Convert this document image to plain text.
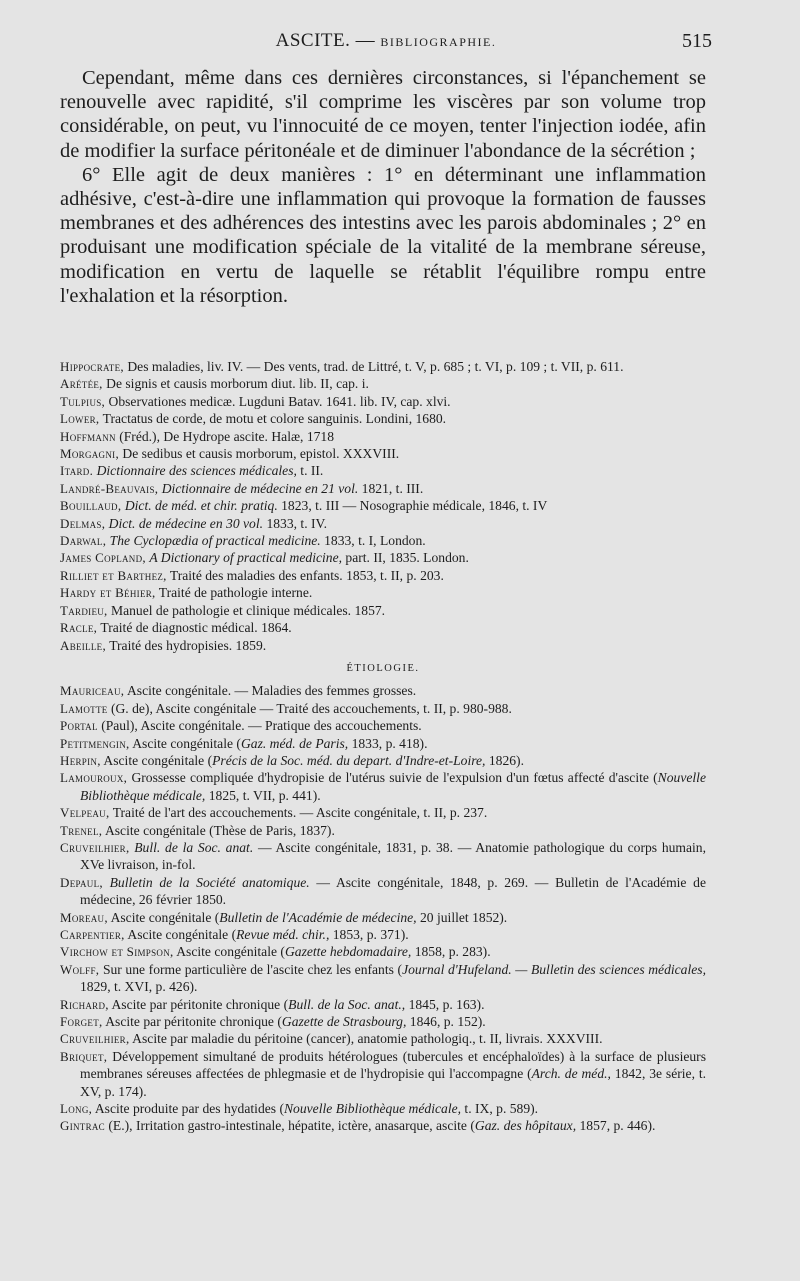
ASCITE. — BIBLIOGRAPHIE.	515

Cependant, même dans ces dernières circonstances, si l'épanchement se renouvelle avec rapidité, s'il comprime les viscères par son volume trop considérable, on peut, vu l'innocuité de ce moyen, tenter l'injection iodée, afin de modifier la surface péritonéale et de diminuer l'abondance de la sécrétion ;

6° Elle agit de deux manières : 1° en déterminant une inflammation adhésive, c'est-à-dire une inflammation qui provoque la formation de fausses membranes et des adhérences des intestins avec les parois abdominales ; 2° en produisant une modification spéciale de la vitalité de la membrane séreuse, modification en vertu de laquelle se rétablit l'équilibre rompu entre l'exhalation et la résorption.

Hippocrate, Des maladies, liv. IV. — Des vents, trad. de Littré, t. V, p. 685 ; t. VI, p. 109 ; t. VII, p. 611.

Arétée, De signis et causis morborum diut. lib. II, cap. i.

Tulpius, Observationes medicæ. Lugduni Batav. 1641. lib. IV, cap. xlvi.

Lower, Tractatus de corde, de motu et colore sanguinis. Londini, 1680.

Hoffmann (Fréd.), De Hydrope ascite. Halæ, 1718

Morgagni, De sedibus et causis morborum, epistol. XXXVIII.

Itard. Dictionnaire des sciences médicales, t. II.

Landré-Beauvais, Dictionnaire de médecine en 21 vol. 1821, t. III.

Bouillaud, Dict. de méd. et chir. pratiq. 1823, t. III — Nosographie médicale, 1846, t. IV

Delmas, Dict. de médecine en 30 vol. 1833, t. IV.

Darwal, The Cyclopædia of practical medicine. 1833, t. I, London.

James Copland, A Dictionary of practical medicine, part. II, 1835. London.

Rilliet et Barthez, Traité des maladies des enfants. 1853, t. II, p. 203.

Hardy et Béhier, Traité de pathologie interne.

Tardieu, Manuel de pathologie et clinique médicales. 1857.

Racle, Traité de diagnostic médical. 1864.

Abeille, Traité des hydropisies. 1859.

ÉTIOLOGIE.

Mauriceau, Ascite congénitale. — Maladies des femmes grosses.

Lamotte (G. de), Ascite congénitale — Traité des accouchements, t. II, p. 980-988.

Portal (Paul), Ascite congénitale. — Pratique des accouchements.

Petitmengin, Ascite congénitale (Gaz. méd. de Paris, 1833, p. 418).

Herpin, Ascite congénitale (Précis de la Soc. méd. du depart. d'Indre-et-Loire, 1826).

Lamouroux, Grossesse compliquée d'hydropisie de l'utérus suivie de l'expulsion d'un fœtus affecté d'ascite (Nouvelle Bibliothèque médicale, 1825, t. VII, p. 441).

Velpeau, Traité de l'art des accouchements. — Ascite congénitale, t. II, p. 237.

Trenel, Ascite congénitale (Thèse de Paris, 1837).

Cruveilhier, Bull. de la Soc. anat. — Ascite congénitale, 1831, p. 38. — Anatomie pathologique du corps humain, XVe livraison, in-fol.

Depaul, Bulletin de la Société anatomique. — Ascite congénitale, 1848, p. 269. — Bulletin de l'Académie de médecine, 26 février 1850.

Moreau, Ascite congénitale (Bulletin de l'Académie de médecine, 20 juillet 1852).

Carpentier, Ascite congénitale (Revue méd. chir., 1853, p. 371).

Virchow et Simpson, Ascite congénitale (Gazette hebdomadaire, 1858, p. 283).

Wolff, Sur une forme particulière de l'ascite chez les enfants (Journal d'Hufeland. — Bulletin des sciences médicales, 1829, t. XVI, p. 426).

Richard, Ascite par péritonite chronique (Bull. de la Soc. anat., 1845, p. 163).

Forget, Ascite par péritonite chronique (Gazette de Strasbourg, 1846, p. 152).

Cruveilhier, Ascite par maladie du péritoine (cancer), anatomie pathologiq., t. II, livrais. XXXVIII.

Briquet, Développement simultané de produits hétérologues (tubercules et encéphaloïdes) à la surface de plusieurs membranes séreuses affectées de phlegmasie et de l'hydropisie qui l'accompagne (Arch. de méd., 1842, 3e série, t. XV, p. 174).

Long, Ascite produite par des hydatides (Nouvelle Bibliothèque médicale, t. IX, p. 589).

Gintrac (E.), Irritation gastro-intestinale, hépatite, ictère, anasarque, ascite (Gaz. des hôpitaux, 1857, p. 446).
